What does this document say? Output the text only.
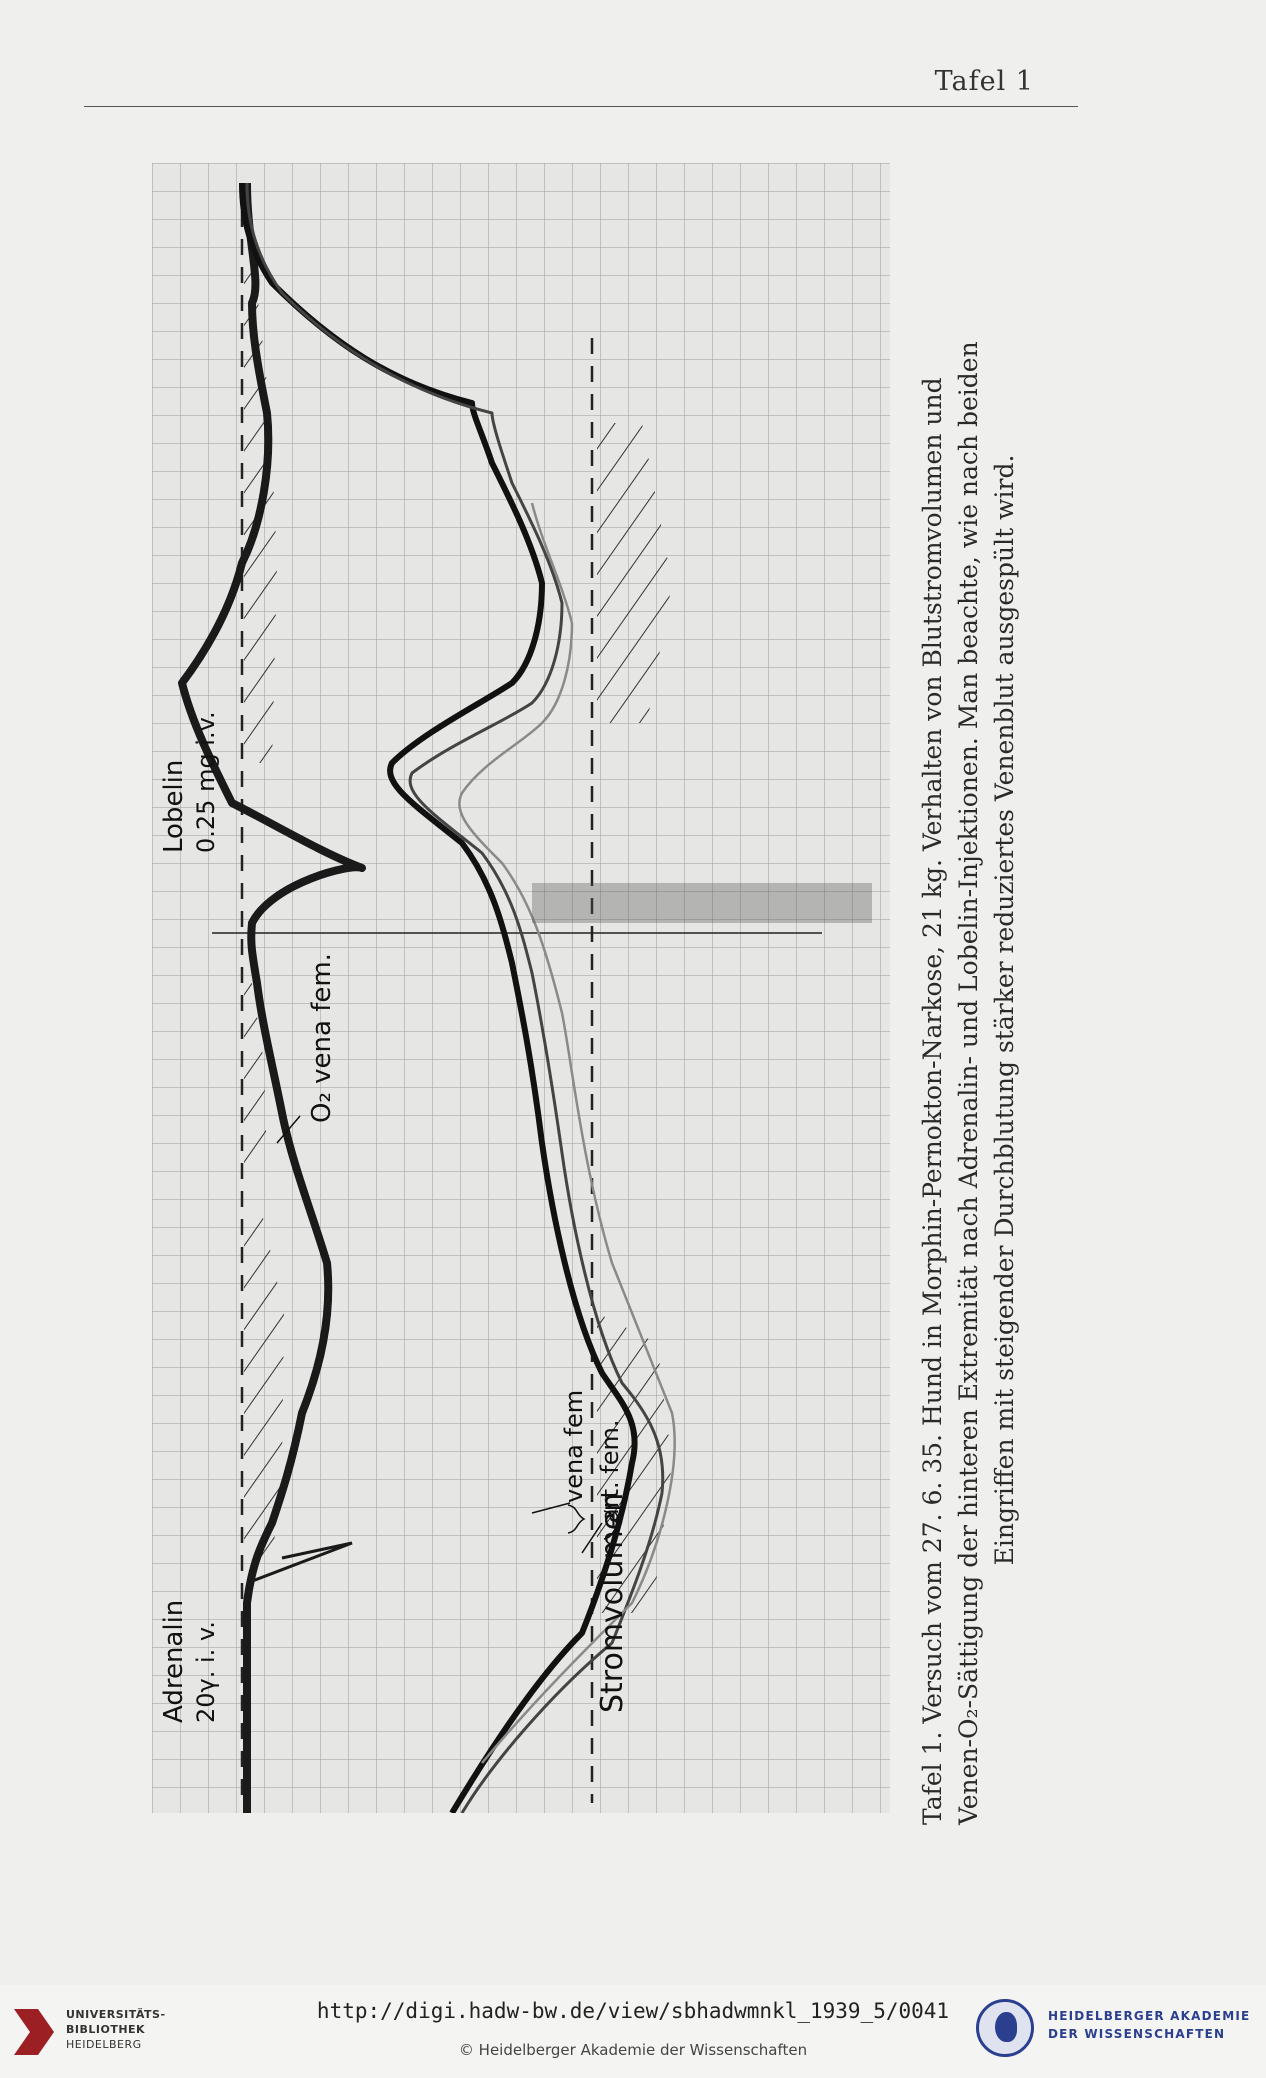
Tafel 1
Adrenalin 20γ. i. v.
Lobelin 0.25 mg i.v.
O₂ vena fem.
Stromvolumen
vena fem art. fem.	Tafel 1. Versuch vom 27. 6. 35. Hund in Morphin-Pernokton-Narkose, 21 kg. Verhalten von Blutstromvolumen und Venen-O₂-Sättigung der hinteren Extremität nach Adrenalin- und Lobelin-Injektionen. Man beachte, wie nach beiden Eingriffen mit steigender Durchblutung stärker reduziertes Venenblut ausgespült wird.

UNIVERSITÄTS-
BIBLIOTHEK
HEIDELBERG
http://digi.hadw-bw.de/view/sbhadwmnkl_1939_5/0041
© Heidelberger Akademie der Wissenschaften
HEIDELBERGER AKADEMIE
DER WISSENSCHAFTEN
